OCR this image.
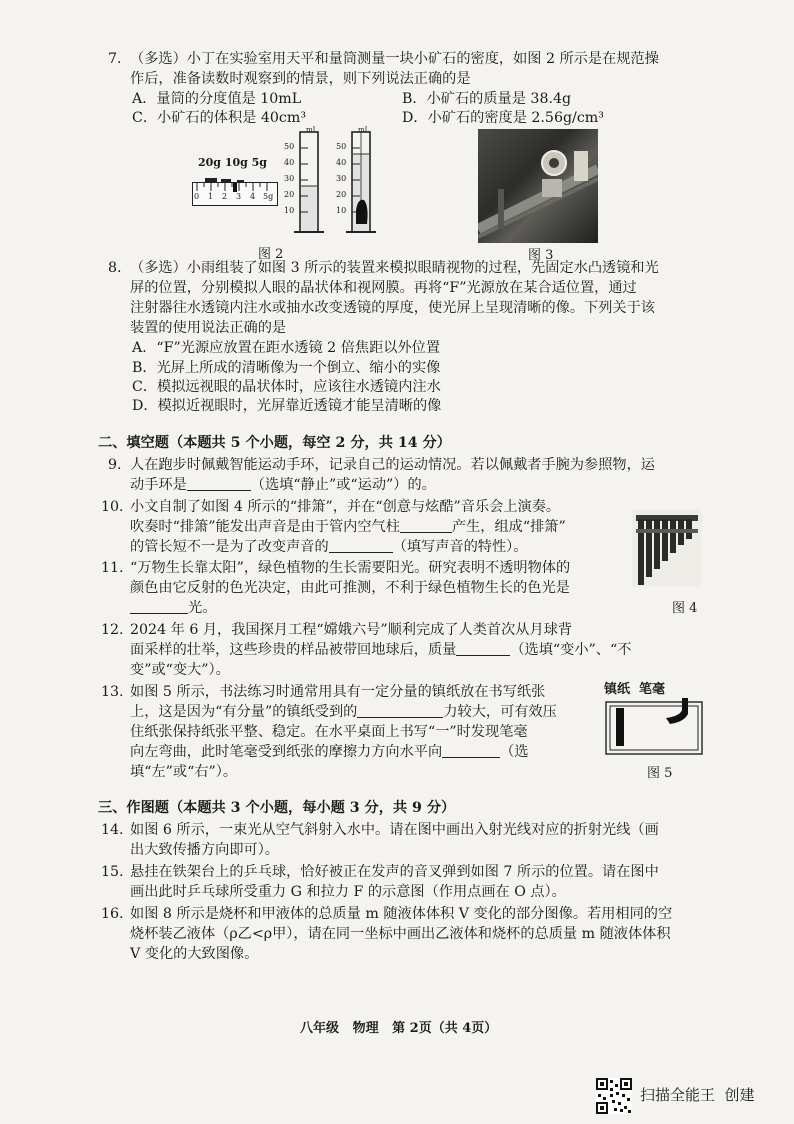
7. （多选）小丁在实验室用天平和量筒测量一块小矿石的密度，如图 2 所示是在规范操
作后，准备读数时观察到的情景，则下列说法正确的是
A．量筒的分度值是 10mL	B．小矿石的质量是 38.4g
C．小矿石的体积是 40cm³	D．小矿石的密度是 2.56g/cm³
20g 10g 5g
0 1 2 3 4 5g
mL
50
40
30
20
10
mL
50
40
30
20
10
图 2	图 3
8. （多选）小雨组装了如图 3 所示的装置来模拟眼睛视物的过程，先固定水凸透镜和光
屏的位置，分别模拟人眼的晶状体和视网膜。再将“F”光源放在某合适位置，通过
注射器往水透镜内注水或抽水改变透镜的厚度，使光屏上呈现清晰的像。下列关于该
装置的使用说法正确的是
A．“F”光源应放置在距水透镜 2 倍焦距以外位置
B．光屏上所成的清晰像为一个倒立、缩小的实像
C．模拟远视眼的晶状体时，应该往水透镜内注水
D．模拟近视眼时，光屏靠近透镜才能呈清晰的像
二、填空题（本题共 5 个小题，每空 2 分，共 14 分）
9. 人在跑步时佩戴智能运动手环，记录自己的运动情况。若以佩戴者手腕为参照物，运
动手环是	（选填“静止”或“运动”）的。
10. 小文自制了如图 4 所示的“排箫”，并在“创意与炫酷”音乐会上演奏。
吹奏时“排箫”能发出声音是由于管内空气柱	产生，组成“排箫”
的管长短不一是为了改变声音的	（填写声音的特性）。
图 4
11. “万物生长靠太阳”，绿色植物的生长需要阳光。研究表明不透明物体的
颜色由它反射的色光决定，由此可推测，不利于绿色植物生长的色光是
光。
12. 2024 年 6 月，我国探月工程“嫦娥六号”顺利完成了人类首次从月球背
面采样的壮举，这些珍贵的样品被带回地球后，质量	（选填“变小”、“不
变”或“变大”）。
13. 如图 5 所示，书法练习时通常用具有一定分量的镇纸放在书写纸张
上，这是因为“有分量”的镇纸受到的	力较大，可有效压
住纸张保持纸张平整、稳定。在水平桌面上书写“一”时发现笔毫
向左弯曲，此时笔毫受到纸张的摩擦力方向水平向	（选
填“左”或“右”）。
镇纸  笔毫
图 5
三、作图题（本题共 3 个小题，每小题 3 分，共 9 分）
14. 如图 6 所示，一束光从空气斜射入水中。请在图中画出入射光线对应的折射光线（画
出大致传播方向即可）。
15. 悬挂在铁架台上的乒乓球，恰好被正在发声的音叉弹到如图 7 所示的位置。请在图中
画出此时乒乓球所受重力 G 和拉力 F 的示意图（作用点画在 O 点）。
16. 如图 8 所示是烧杯和甲液体的总质量 m 随液体体积 V 变化的部分图像。若用相同的空
烧杯装乙液体（ρ乙<ρ甲），请在同一坐标中画出乙液体和烧杯的总质量 m 随液体体积
V 变化的大致图像。
八年级   物理   第 2页（共 4页）
扫描全能王  创建
